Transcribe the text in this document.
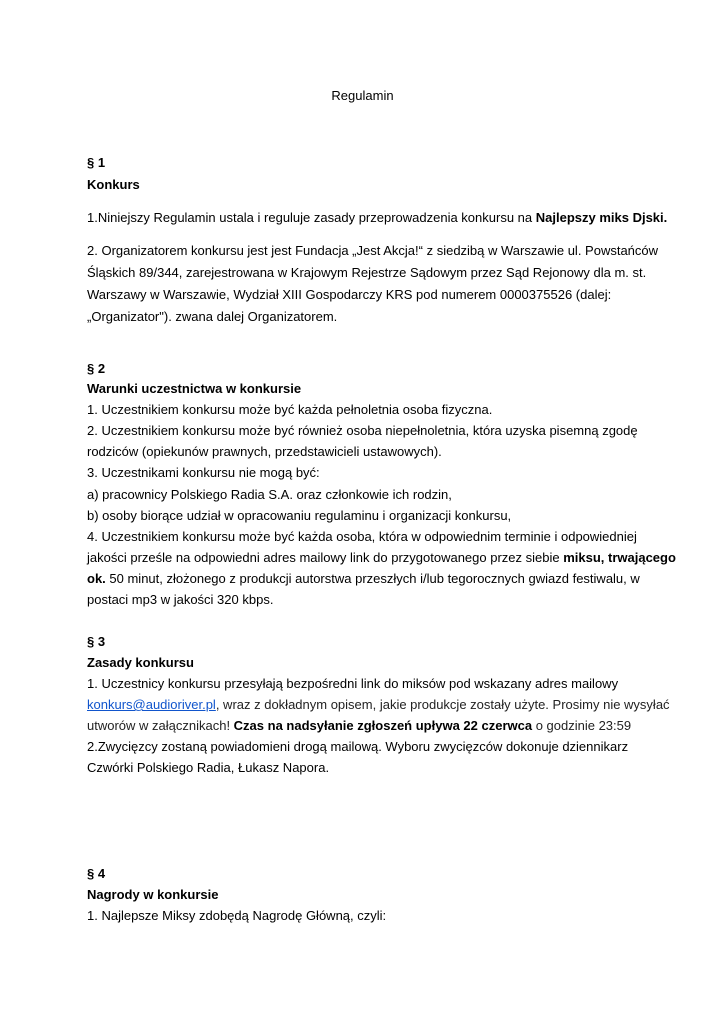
Regulamin
§ 1
Konkurs
1.Niniejszy Regulamin ustala i reguluje zasady przeprowadzenia konkursu na Najlepszy miks Djski.
2. Organizatorem konkursu jest jest Fundacja „Jest Akcja!“ z siedzibą w Warszawie ul. Powstańców
Śląskich 89/344, zarejestrowana w Krajowym Rejestrze Sądowym przez Sąd Rejonowy dla m. st.
Warszawy w Warszawie, Wydział XIII Gospodarczy KRS pod numerem 0000375526 (dalej:
„Organizator"). zwana dalej Organizatorem.
§ 2
Warunki uczestnictwa w konkursie
1. Uczestnikiem konkursu może być każda pełnoletnia osoba fizyczna.
2. Uczestnikiem konkursu może być również osoba niepełnoletnia, która uzyska pisemną zgodę
rodziców (opiekunów prawnych, przedstawicieli ustawowych).
3. Uczestnikami konkursu nie mogą być:
a) pracownicy Polskiego Radia S.A. oraz członkowie ich rodzin,
b) osoby biorące udział w opracowaniu regulaminu i organizacji konkursu,
4. Uczestnikiem konkursu może być każda osoba, która w odpowiednim terminie i odpowiedniej
jakości prześle na odpowiedni adres mailowy link do przygotowanego przez siebie miksu, trwającego
ok. 50 minut, złożonego z produkcji autorstwa przeszłych i/lub tegorocznych gwiazd festiwalu, w
postaci mp3 w jakości 320 kbps.
§ 3
Zasady konkursu
1. Uczestnicy konkursu przesyłają bezpośredni link do miksów pod wskazany adres mailowy
konkurs@audioriver.pl, wraz z dokładnym opisem, jakie produkcje zostały użyte. Prosimy nie wysyłać
utworów w załącznikach! Czas na nadsyłanie zgłoszeń upływa 22 czerwca o godzinie 23:59
2.Zwycięzcy zostaną powiadomieni drogą mailową. Wyboru zwycięzców dokonuje dziennikarz
Czwórki Polskiego Radia, Łukasz Napora.
§ 4
Nagrody w konkursie
1. Najlepsze Miksy zdobędą Nagrodę Główną, czyli:
